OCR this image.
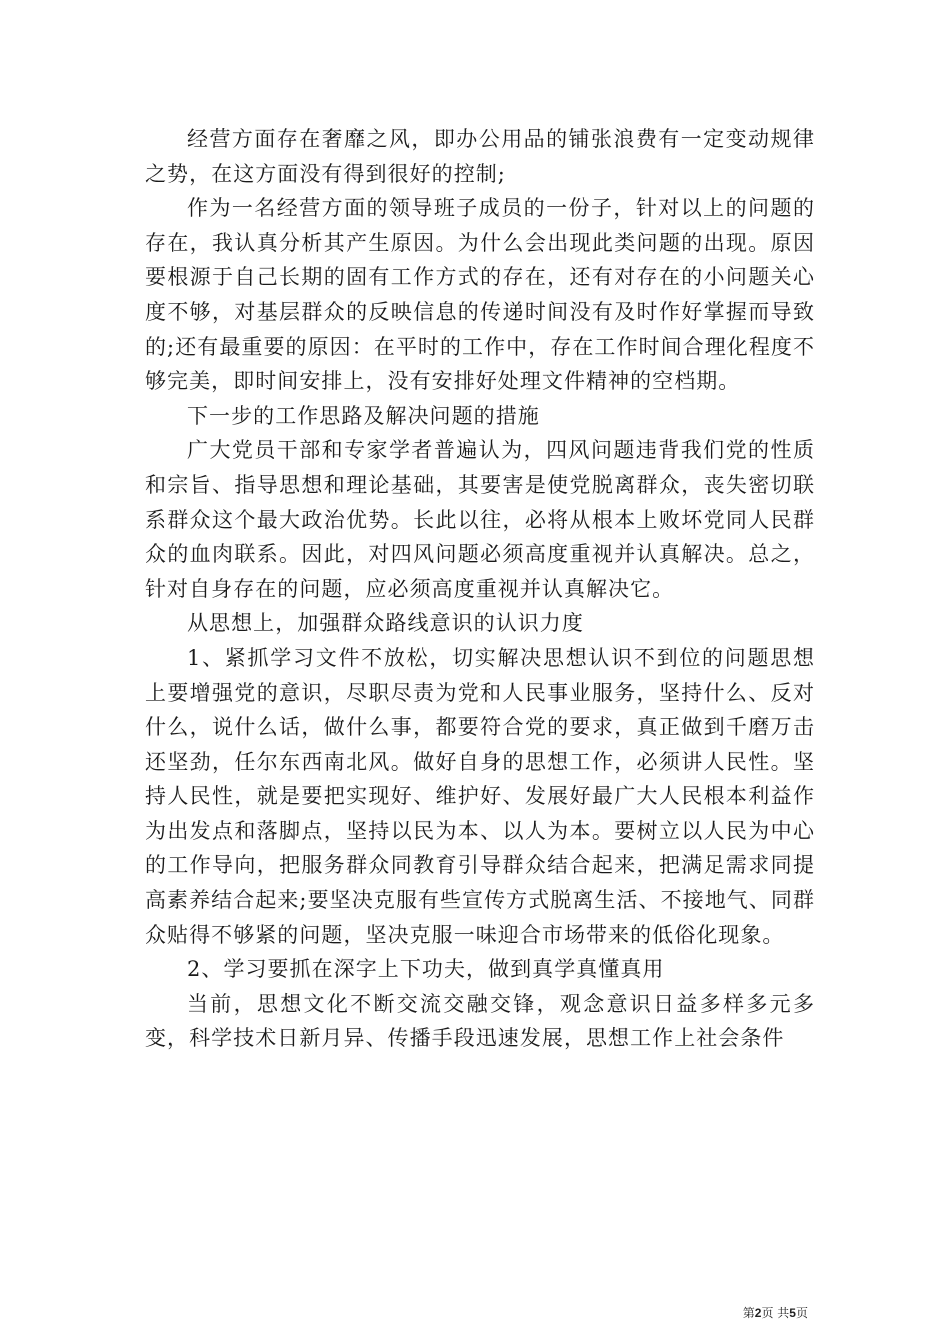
经营方面存在奢靡之风，即办公用品的铺张浪费有一定变动规律之势，在这方面没有得到很好的控制;

作为一名经营方面的领导班子成员的一份子，针对以上的问题的存在，我认真分析其产生原因。为什么会出现此类问题的出现。原因要根源于自己长期的固有工作方式的存在，还有对存在的小问题关心度不够，对基层群众的反映信息的传递时间没有及时作好掌握而导致的;还有最重要的原因：在平时的工作中，存在工作时间合理化程度不够完美，即时间安排上，没有安排好处理文件精神的空档期。

下一步的工作思路及解决问题的措施

广大党员干部和专家学者普遍认为，四风问题违背我们党的性质和宗旨、指导思想和理论基础，其要害是使党脱离群众，丧失密切联系群众这个最大政治优势。长此以往，必将从根本上败坏党同人民群众的血肉联系。因此，对四风问题必须高度重视并认真解决。总之，针对自身存在的问题，应必须高度重视并认真解决它。

从思想上，加强群众路线意识的认识力度

1、紧抓学习文件不放松，切实解决思想认识不到位的问题思想上要增强党的意识，尽职尽责为党和人民事业服务，坚持什么、反对什么，说什么话，做什么事，都要符合党的要求，真正做到千磨万击还坚劲，任尔东西南北风。做好自身的思想工作，必须讲人民性。坚持人民性，就是要把实现好、维护好、发展好最广大人民根本利益作为出发点和落脚点，坚持以民为本、以人为本。要树立以人民为中心的工作导向，把服务群众同教育引导群众结合起来，把满足需求同提高素养结合起来;要坚决克服有些宣传方式脱离生活、不接地气、同群众贴得不够紧的问题，坚决克服一味迎合市场带来的低俗化现象。

2、学习要抓在深字上下功夫，做到真学真懂真用

当前，思想文化不断交流交融交锋，观念意识日益多样多元多变，科学技术日新月异、传播手段迅速发展，思想工作上社会条件

第2页 共5页
